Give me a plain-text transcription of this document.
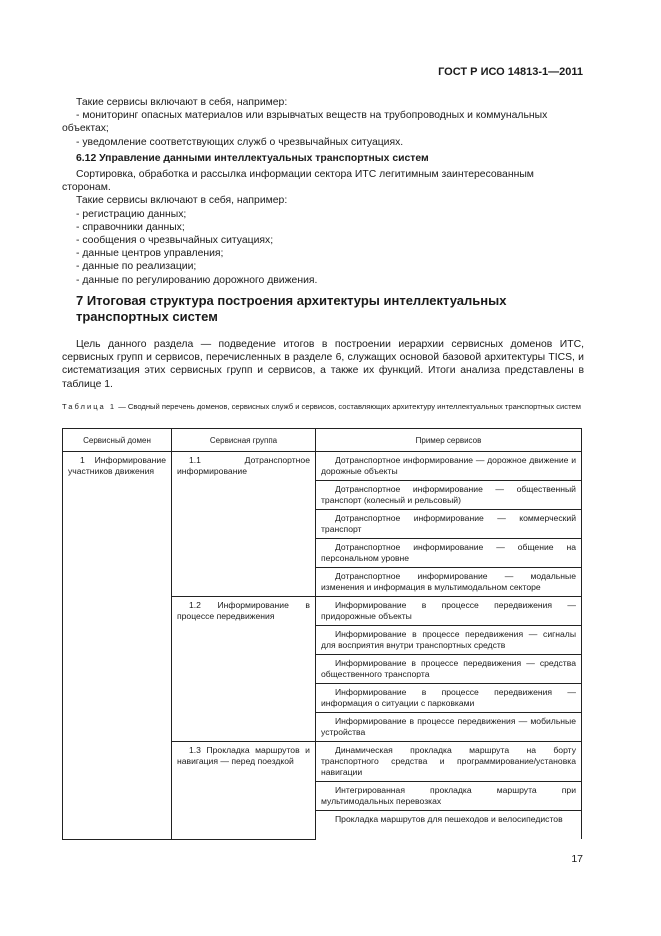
ГОСТ Р ИСО 14813-1—2011

Такие сервисы включают в себя, например:

- мониторинг опасных материалов или взрывчатых веществ на трубопроводных и коммунальных объектах;

- уведомление соответствующих служб о чрезвычайных ситуациях.

6.12 Управление данными интеллектуальных транспортных систем

Сортировка, обработка и рассылка информации сектора ИТС легитимным заинтересованным сторонам.

Такие сервисы включают в себя, например:

- регистрацию данных;

- справочники данных;

- сообщения о чрезвычайных ситуациях;

- данные центров управления;

- данные по реализации;

- данные по регулированию дорожного движения.

7 Итоговая структура построения архитектуры интеллектуальных
транспортных систем

Цель данного раздела — подведение итогов в построении иерархии сервисных доменов ИТС, сервисных групп и сервисов, перечисленных в разделе 6, служащих основой базовой архитектуры TICS, и систематизация этих сервисных групп и сервисов, а также их функций. Итоги анализа представлены в таблице 1.

Таблица 1 — Сводный перечень доменов, сервисных служб и сервисов, составляющих архитектуру интеллектуальных транспортных систем
Сервисный домен	Сервисная группа	Пример сервисов
1 Информирование участников движения	1.1 Дотранспортное информирование	Дотранспортное информирование — дорожное движение и дорожные объекты
		Дотранспортное информирование — общественный транспорт (колесный и рельсовый)
		Дотранспортное информирование — коммерческий транспорт
		Дотранспортное информирование — общение на персональном уровне
		Дотранспортное информирование — модальные изменения и информация в мультимодальном секторе
	1.2 Информирование в процессе передвижения	Информирование в процессе передвижения — придорожные объекты
		Информирование в процессе передвижения — сигналы для восприятия внутри транспортных средств
		Информирование в процессе передвижения — средства общественного транспорта
		Информирование в процессе передвижения — информация о ситуации с парковками
		Информирование в процессе передвижения — мобильные устройства
	1.3 Прокладка маршрутов и навигация — перед поездкой	Динамическая прокладка маршрута на борту транспортного средства и программирование/установка навигации
		Интегрированная прокладка маршрута при мультимодальных перевозках
		Прокладка маршрутов для пешеходов и велосипедистов
17
